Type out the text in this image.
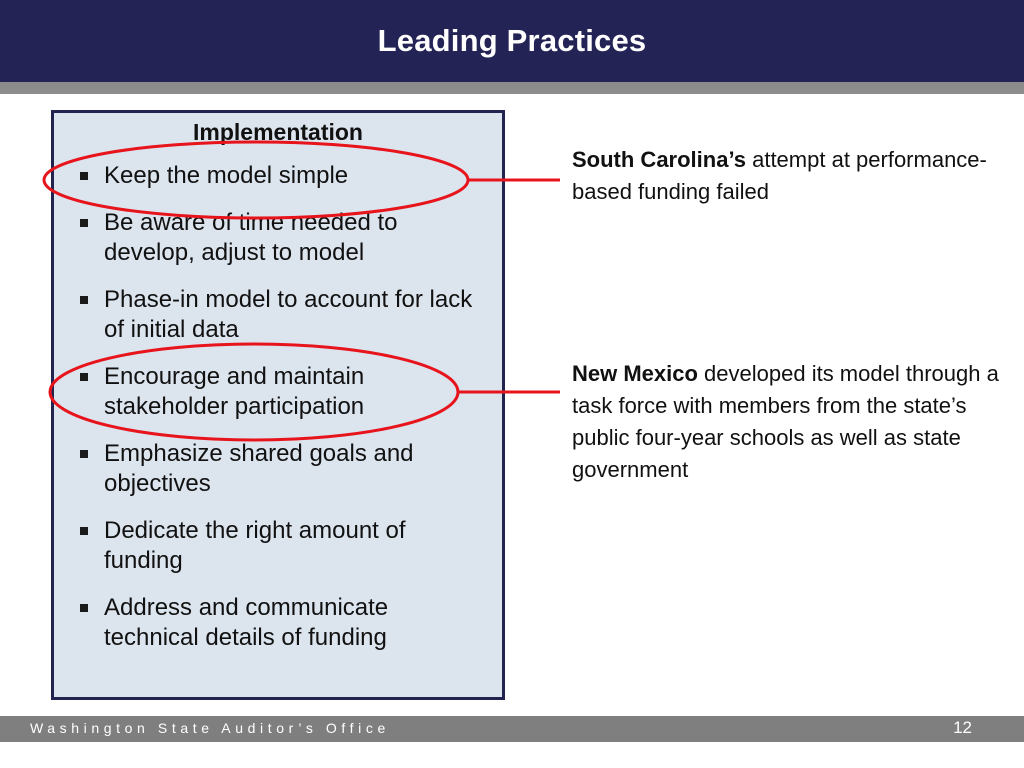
Leading Practices
Implementation
Keep the model simple
Be aware of time needed to develop, adjust to model
Phase-in model to account for lack of initial data
Encourage and maintain stakeholder participation
Emphasize shared goals and objectives
Dedicate the right amount of funding
Address and communicate technical details of funding
South Carolina’s attempt at performance-based funding failed
New Mexico developed its model through a task force with members from the state’s public four-year schools as well as state government
Washington State Auditor’s Office	12
